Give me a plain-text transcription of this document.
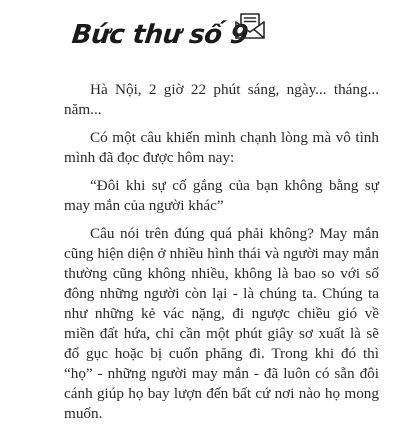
Bức thư số 9

Hà Nội, 2 giờ 22 phút sáng, ngày... tháng... năm...

Có một câu khiến mình chạnh lòng mà vô tình mình đã đọc được hôm nay:

“Đôi khi sự cố gắng của bạn không bằng sự may mắn của người khác”

Câu nói trên đúng quá phải không? May mắn cũng hiện diện ở nhiều hình thái và người may mắn thường cũng không nhiều, không là bao so với số đông những người còn lại - là chúng ta. Chúng ta như những kẻ vác nặng, đi ngược chiều gió về miền đất hứa, chỉ cần một phút giây sơ xuất là sẽ đổ gục hoặc bị cuốn phăng đi. Trong khi đó thì “họ” - những người may mắn - đã luôn có sẵn đôi cánh giúp họ bay lượn đến bất cứ nơi nào họ mong muốn.
